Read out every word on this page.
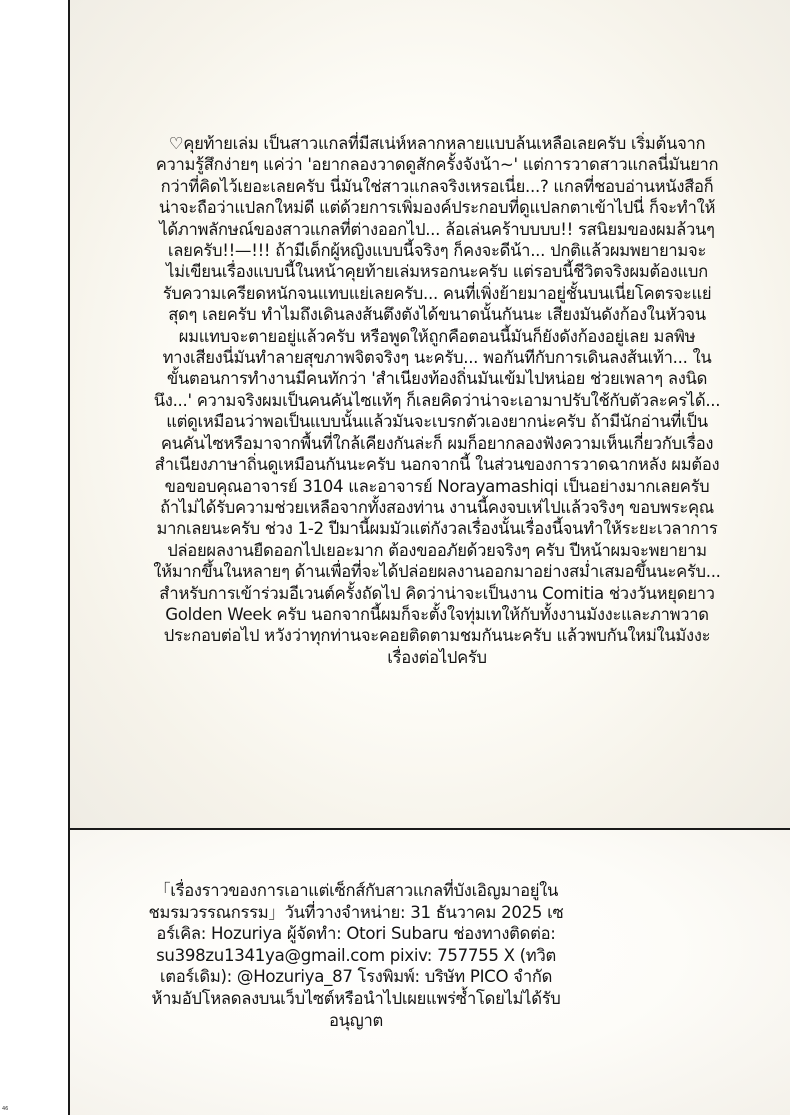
♡คุยท้ายเล่ม เป็นสาวแกลที่มีสเน่ห์หลากหลายแบบล้นเหลือเลยครับ เริ่มต้นจาก
ความรู้สึกง่ายๆ แค่ว่า 'อยากลองวาดดูสักครั้งจังน้า~' แต่การวาดสาวแกลนี่มันยาก
กว่าที่คิดไว้เยอะเลยครับ นี่มันใช่สาวแกลจริงเหรอเนี่ย...? แกลที่ชอบอ่านหนังสือก็
น่าจะถือว่าแปลกใหม่ดี แต่ด้วยการเพิ่มองค์ประกอบที่ดูแปลกตาเข้าไปนี่ ก็จะทำให้
ได้ภาพลักษณ์ของสาวแกลที่ต่างออกไป... ล้อเล่นคร้าบบบบ!! รสนิยมของผมล้วนๆ
เลยครับ!!—!!! ถ้ามีเด็กผู้หญิงแบบนี้จริงๆ ก็คงจะดีน้า... ปกติแล้วผมพยายามจะ
ไม่เขียนเรื่องแบบนี้ในหน้าคุยท้ายเล่มหรอกนะครับ แต่รอบนี้ชีวิตจริงผมต้องแบก
รับความเครียดหนักจนแทบแย่เลยครับ... คนที่เพิ่งย้ายมาอยู่ชั้นบนเนี่ยโคตรจะแย่
สุดๆ เลยครับ ทำไมถึงเดินลงส้นตึงตังได้ขนาดนั้นกันนะ เสียงมันดังก้องในหัวจน
ผมแทบจะตายอยู่แล้วครับ หรือพูดให้ถูกคือตอนนี้มันก็ยังดังก้องอยู่เลย มลพิษ
ทางเสียงนี่มันทำลายสุขภาพจิตจริงๆ นะครับ... พอกันทีกับการเดินลงส้นเท้า... ใน
ขั้นตอนการทำงานมีคนทักว่า 'สำเนียงท้องถิ่นมันเข้มไปหน่อย ช่วยเพลาๆ ลงนิด
นึง...' ความจริงผมเป็นคนคันไซแท้ๆ ก็เลยคิดว่าน่าจะเอามาปรับใช้กับตัวละครได้...
แต่ดูเหมือนว่าพอเป็นแบบนั้นแล้วมันจะเบรกตัวเองยากน่ะครับ ถ้ามีนักอ่านที่เป็น
คนคันไซหรือมาจากพื้นที่ใกล้เคียงกันล่ะก็ ผมก็อยากลองฟังความเห็นเกี่ยวกับเรื่อง
สำเนียงภาษาถิ่นดูเหมือนกันนะครับ นอกจากนี้ ในส่วนของการวาดฉากหลัง ผมต้อง
ขอขอบคุณอาจารย์ 3104 และอาจารย์ Norayamashiqi เป็นอย่างมากเลยครับ
ถ้าไม่ได้รับความช่วยเหลือจากทั้งสองท่าน งานนี้คงจบเห่ไปแล้วจริงๆ ขอบพระคุณ
มากเลยนะครับ ช่วง 1-2 ปีมานี้ผมมัวแต่กังวลเรื่องนั้นเรื่องนี้จนทำให้ระยะเวลาการ
ปล่อยผลงานยืดออกไปเยอะมาก ต้องขออภัยด้วยจริงๆ ครับ ปีหน้าผมจะพยายาม
ให้มากขึ้นในหลายๆ ด้านเพื่อที่จะได้ปล่อยผลงานออกมาอย่างสม่ำเสมอขึ้นนะครับ...
สำหรับการเข้าร่วมอีเวนต์ครั้งถัดไป คิดว่าน่าจะเป็นงาน Comitia ช่วงวันหยุดยาว
Golden Week ครับ นอกจากนี้ผมก็จะตั้งใจทุ่มเทให้กับทั้งงานมังงะและภาพวาด
ประกอบต่อไป หวังว่าทุกท่านจะคอยติดตามชมกันนะครับ แล้วพบกันใหม่ในมังงะ
เรื่องต่อไปครับ
「เรื่องราวของการเอาแต่เซ็กส์กับสาวแกลที่บังเอิญมาอยู่ใน
ชมรมวรรณกรรม」วันที่วางจำหน่าย: 31 ธันวาคม 2025 เซ
อร์เคิล: Hozuriya ผู้จัดทำ: Otori Subaru ช่องทางติดต่อ:
su398zu1341ya@gmail.com pixiv: 757755 X (ทวิต
เตอร์เดิม): @Hozuriya_87 โรงพิมพ์: บริษัท PICO จำกัด
ห้ามอัปโหลดลงบนเว็บไซต์หรือนำไปเผยแพร่ซ้ำโดยไม่ได้รับ
อนุญาต
46
